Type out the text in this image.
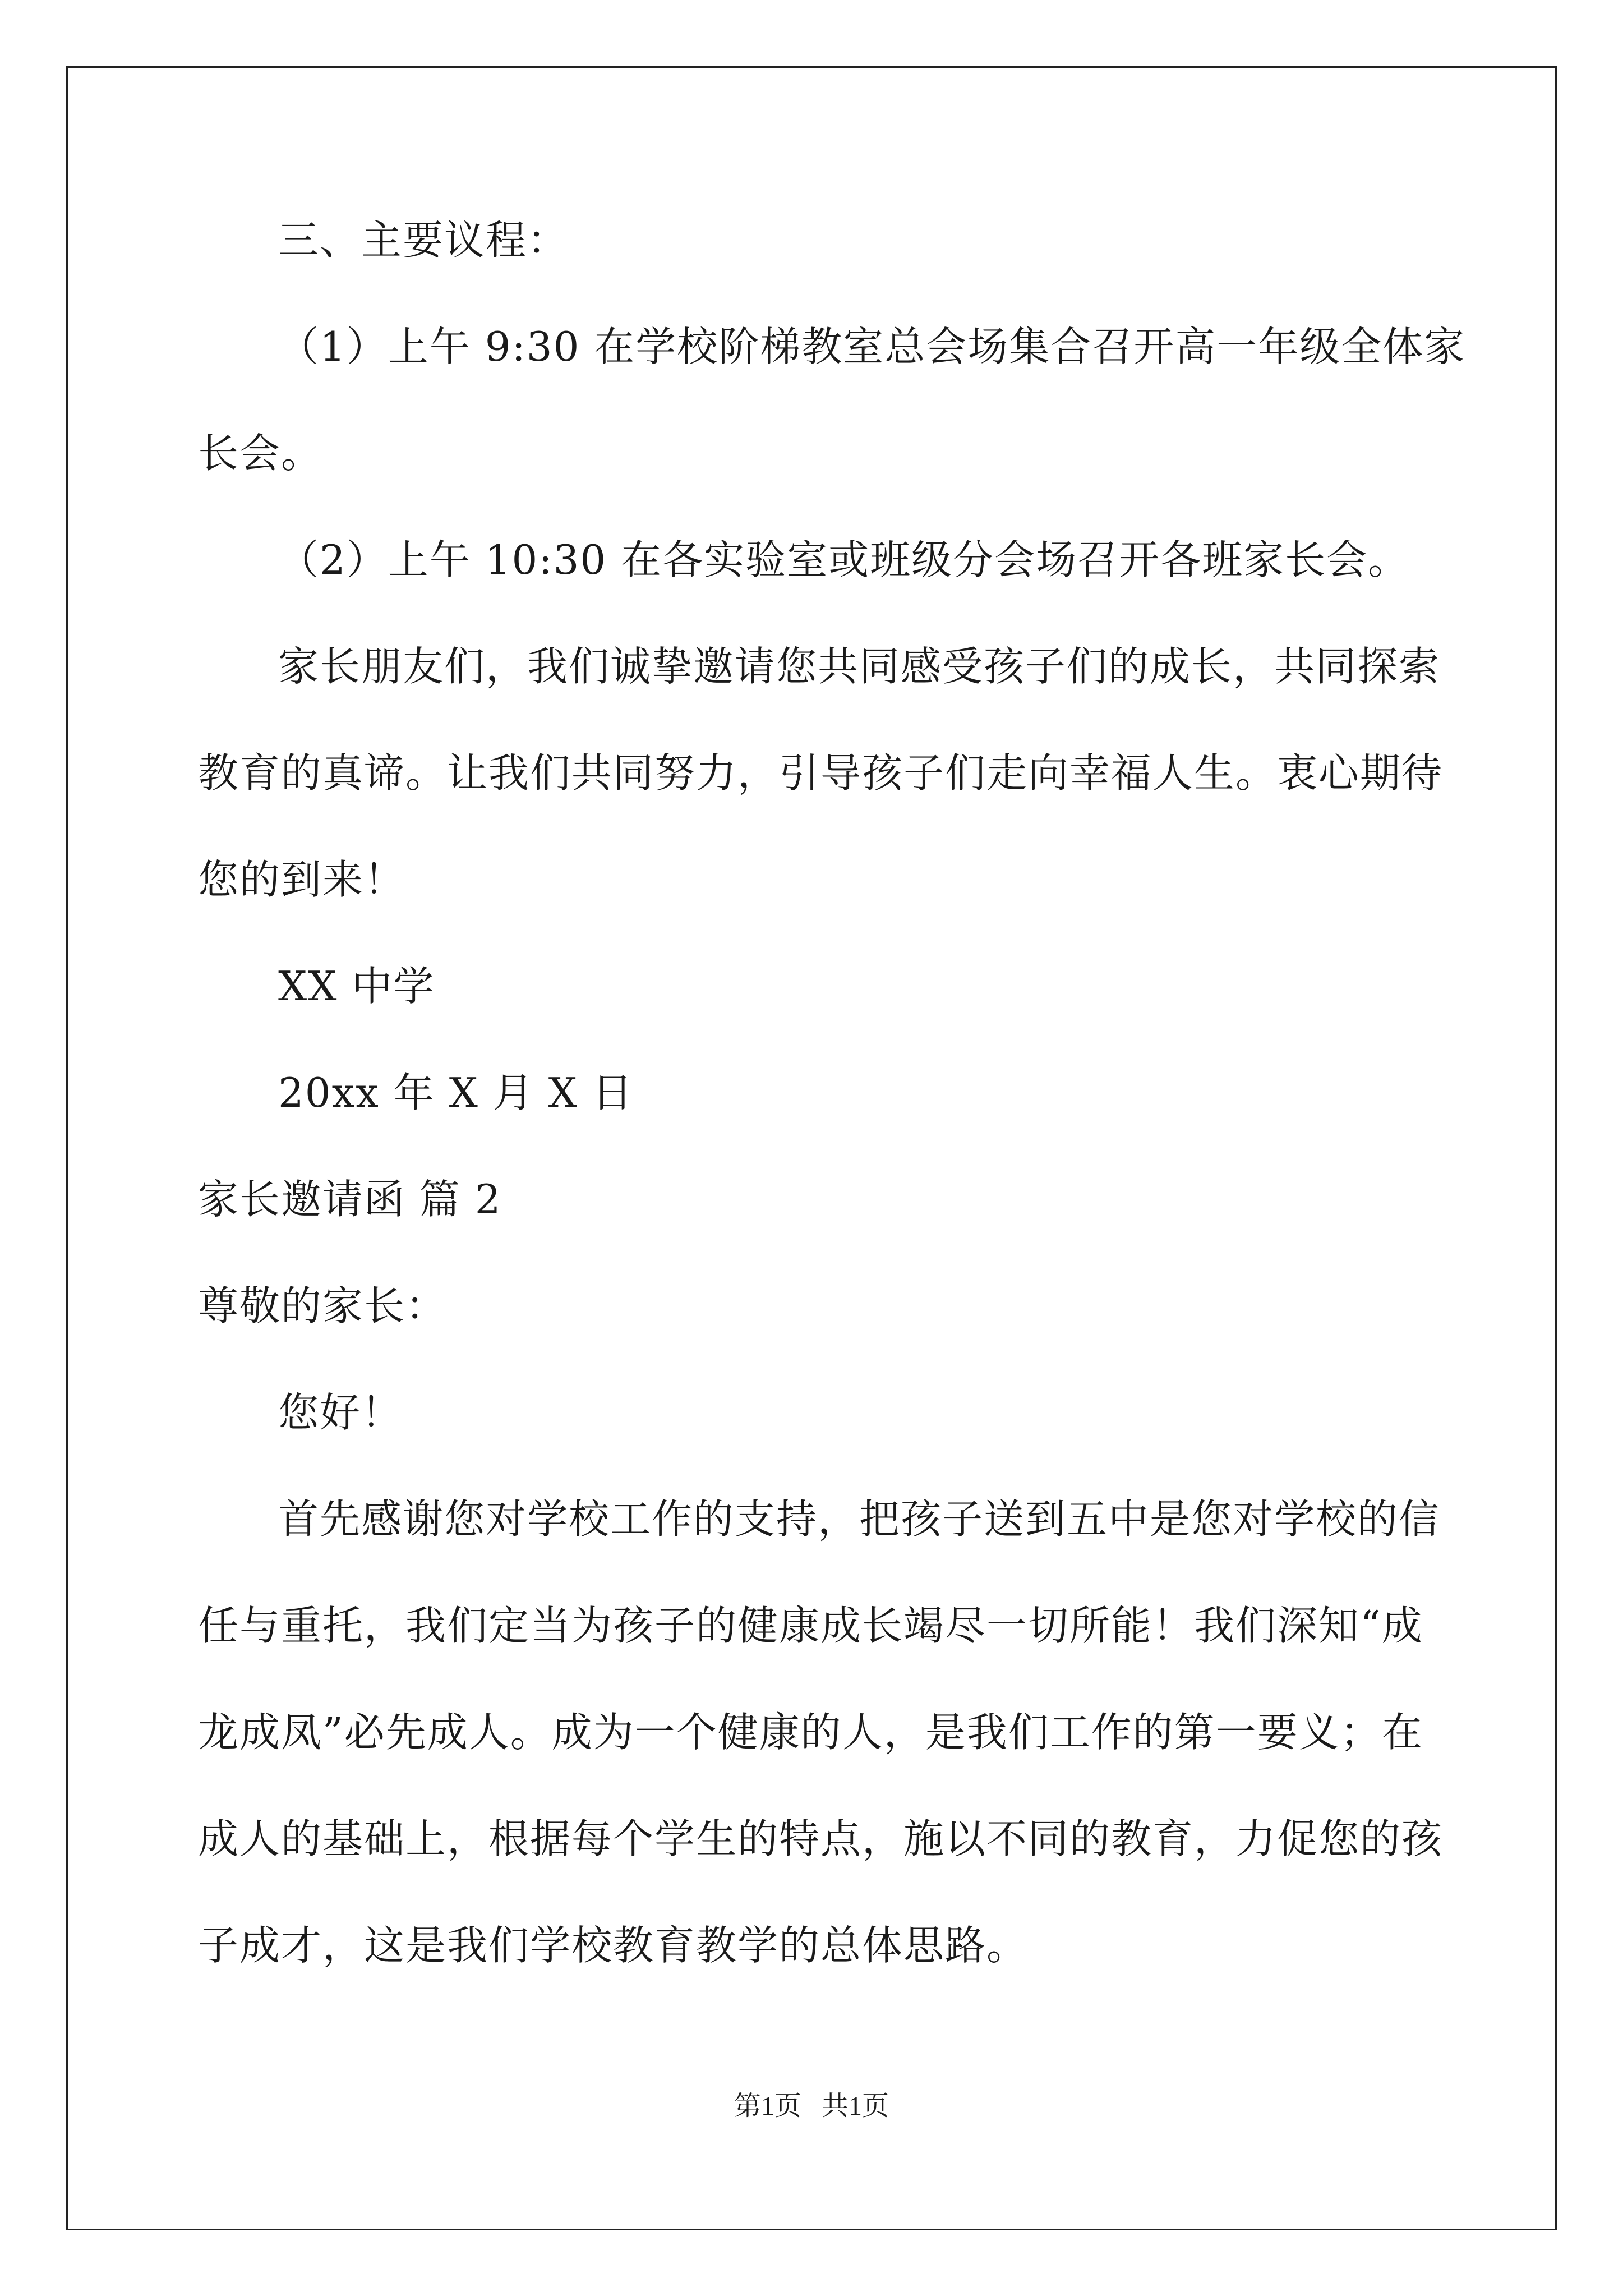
三、主要议程：
（1）上午 9:30 在学校阶梯教室总会场集合召开高一年级全体家
长会。
（2）上午 10:30 在各实验室或班级分会场召开各班家长会。
家长朋友们，我们诚挚邀请您共同感受孩子们的成长，共同探索
教育的真谛。让我们共同努力，引导孩子们走向幸福人生。衷心期待
您的到来！
XX 中学
20xx 年 X 月 X 日
家长邀请函 篇 2
尊敬的家长：
您好！
首先感谢您对学校工作的支持，把孩子送到五中是您对学校的信
任与重托，我们定当为孩子的健康成长竭尽一切所能！我们深知“成
龙成凤”必先成人。成为一个健康的人，是我们工作的第一要义；在
成人的基础上，根据每个学生的特点，施以不同的教育，力促您的孩
子成才，这是我们学校教育教学的总体思路。
第1页   共1页
